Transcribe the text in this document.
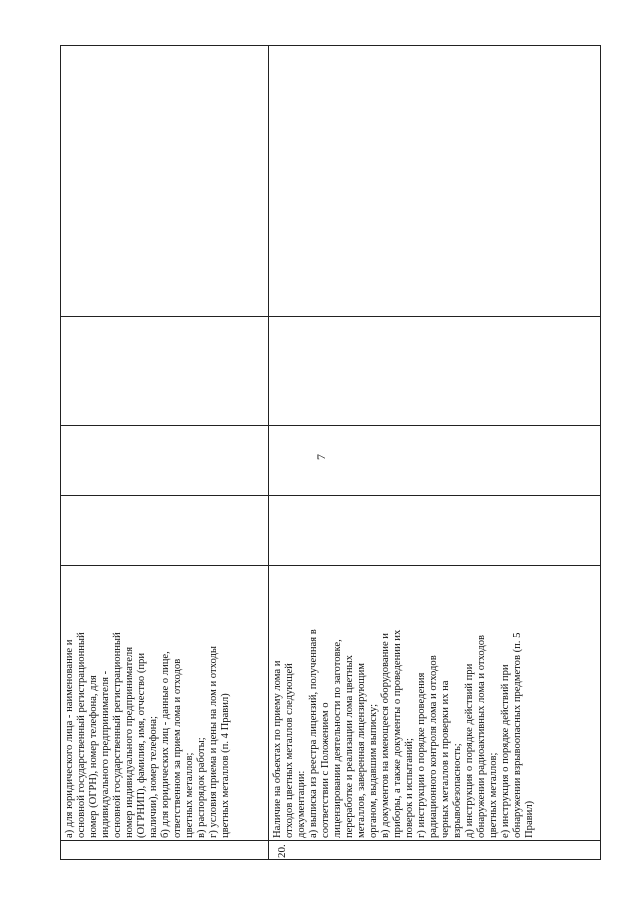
7

а) для юридического лица - наименование и
основной государственный регистрационный
номер (ОГРН), номер телефона, для
индивидуального предпринимателя -
основной государственный регистрационный
номер индивидуального предпринимателя
(ОГРНИП), фамилия, имя, отчество (при
наличии), номер телефона;
б) для юридических лиц - данные о лице,
ответственном за прием лома и отходов
цветных металлов;
в) распорядок работы;
г) условия приема и цены на лом и отходы
цветных металлов (п. 4 Правил)

20.

Наличие на объектах по приему лома и
отходов цветных металлов следующей
документации:
а) выписка из реестра лицензий, полученная в
соответствии с Положением о
лицензировании деятельности по заготовке,
переработке и реализации лома цветных
металлов, заверенная лицензирующим
органом, выдавшим выписку;
в) документов на имеющееся оборудование и
приборы, а также документы о проведении их
поверок и испытаний;
г) инструкции о порядке проведения
радиационного контроля лома и отходов
черных металлов и проверки их на
взрывобезопасность;
д) инструкция о порядке действий при
обнаружении радиоактивных лома и отходов
цветных металлов;
е) инструкция о порядке действий при
обнаружении взрывоопасных предметов (п. 5
Правил)
